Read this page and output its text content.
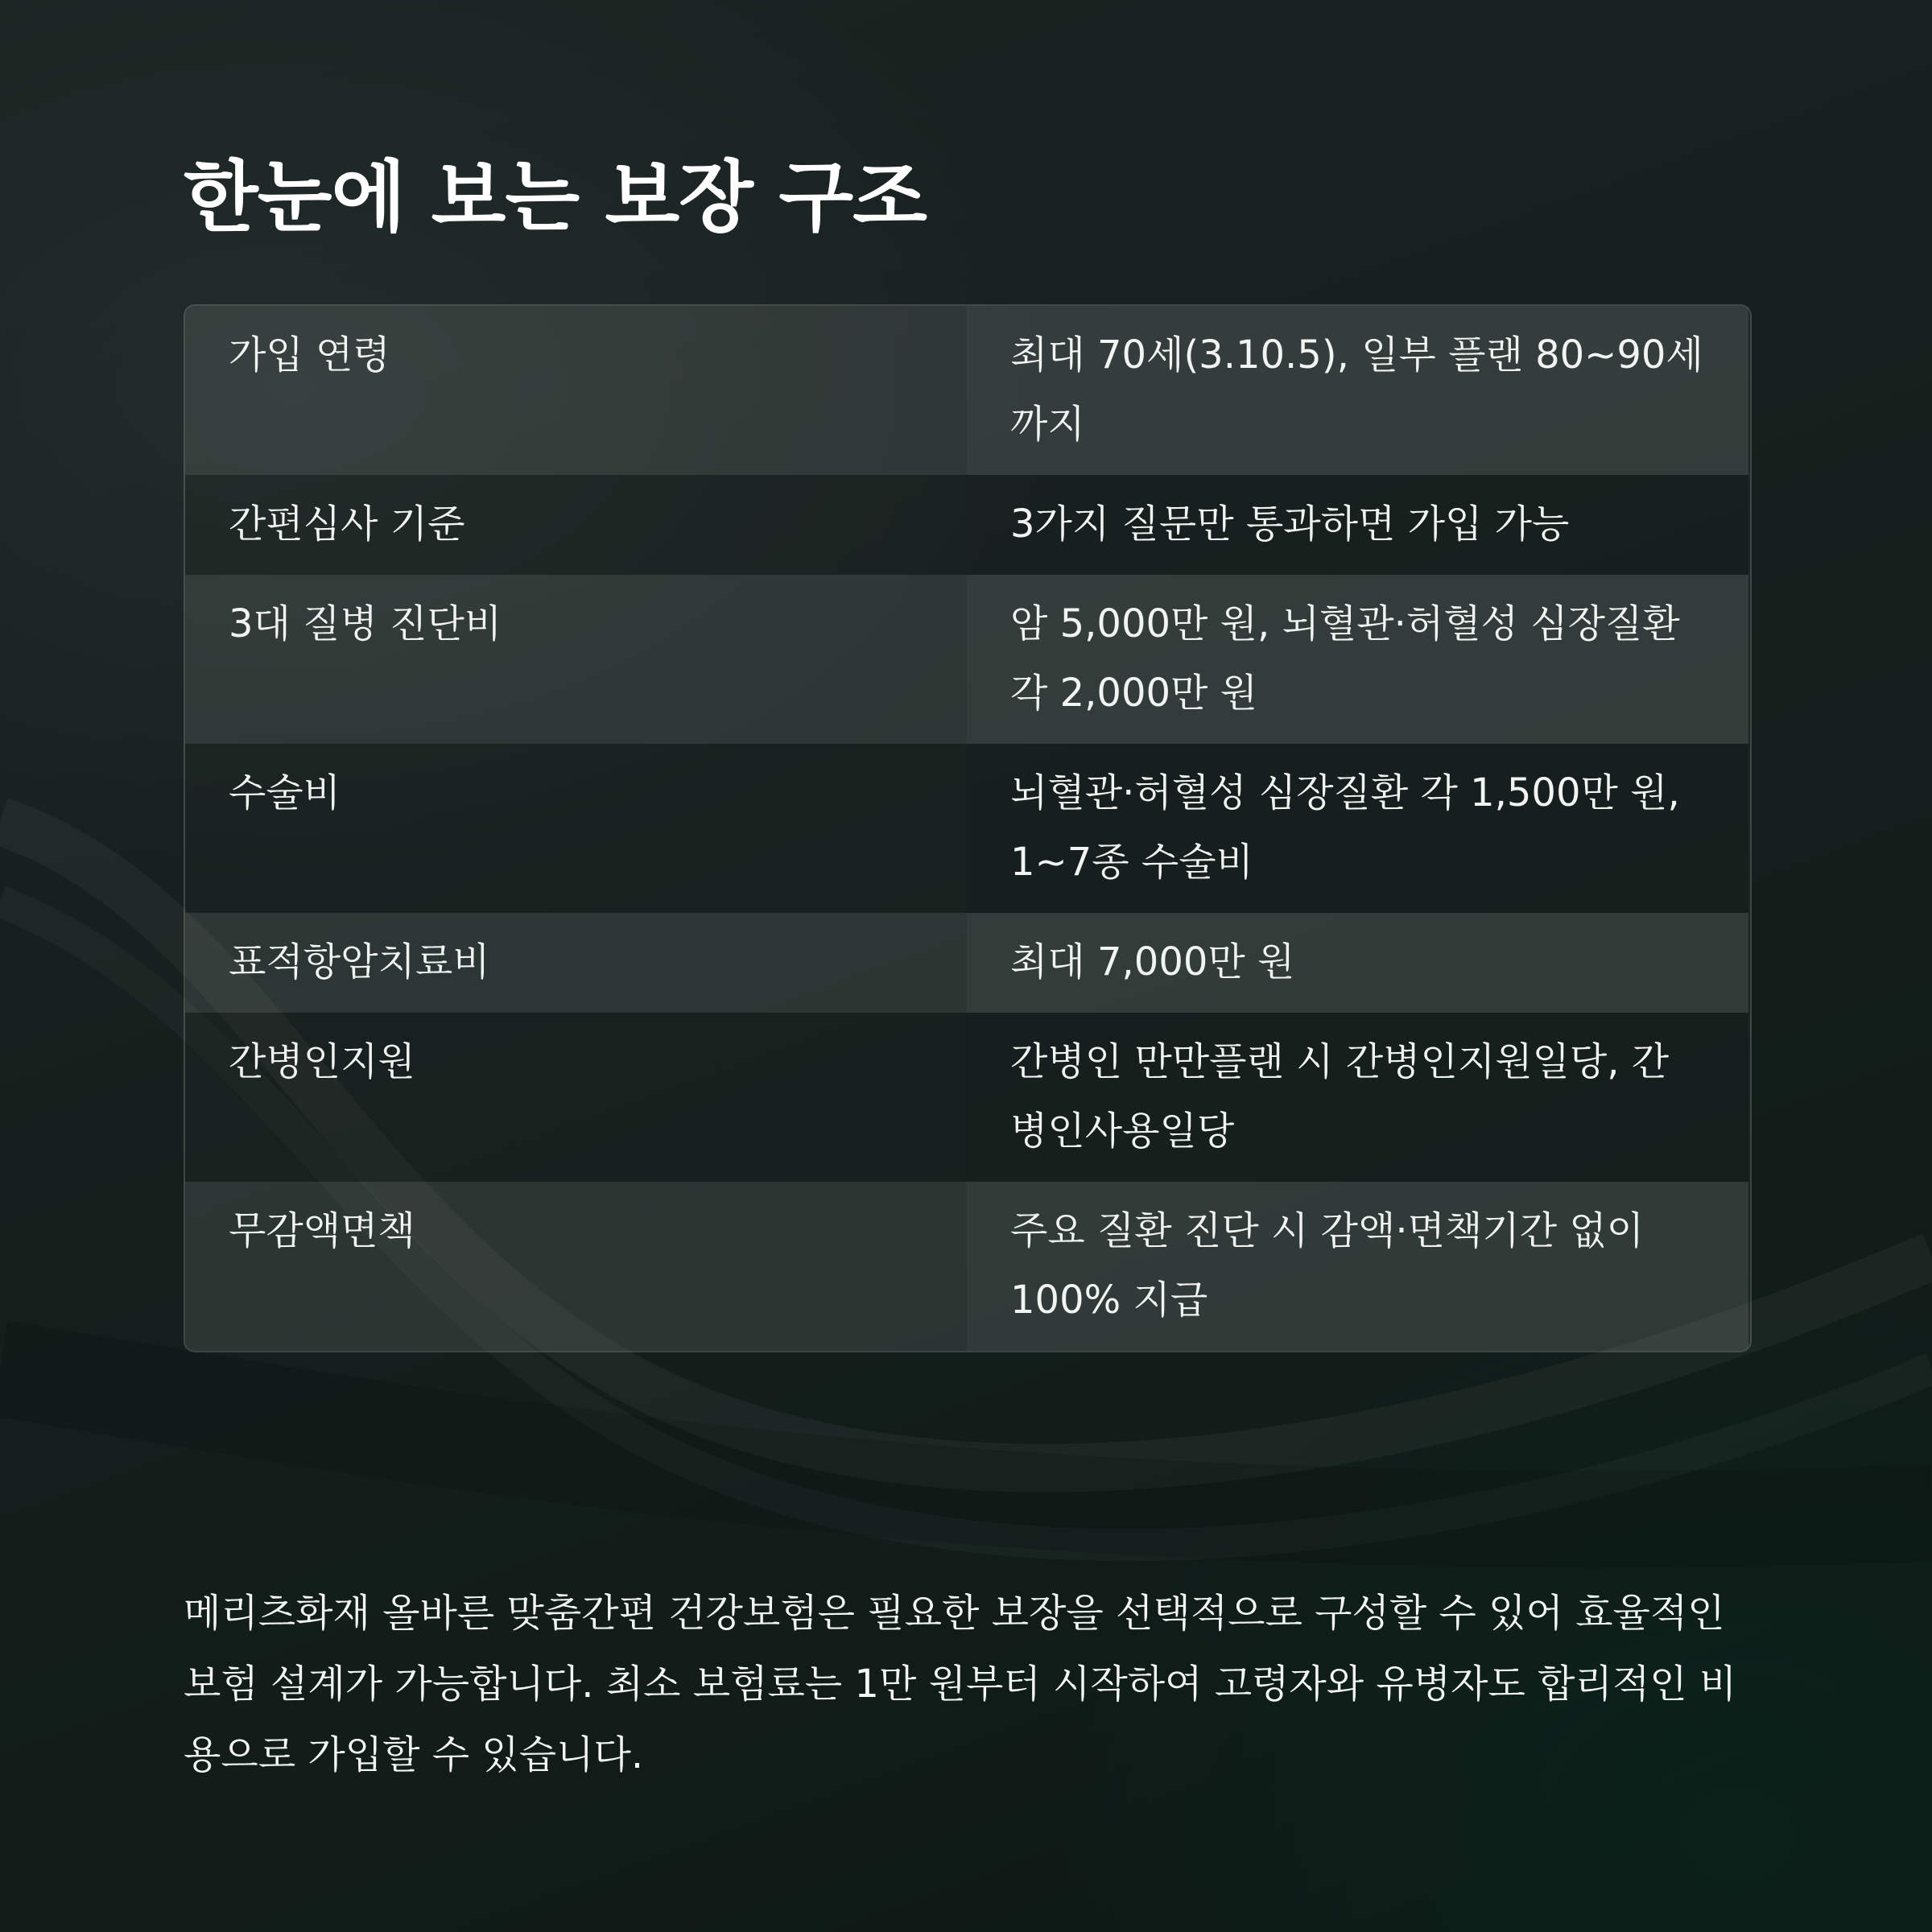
한눈에 보는 보장 구조
가입 연령	최대 70세(3.10.5), 일부 플랜 80~90세까지
간편심사 기준	3가지 질문만 통과하면 가입 가능
3대 질병 진단비	암 5,000만 원, 뇌혈관·허혈성 심장질환 각 2,000만 원
수술비	뇌혈관·허혈성 심장질환 각 1,500만 원, 1~7종 수술비
표적항암치료비	최대 7,000만 원
간병인지원	간병인 만만플랜 시 간병인지원일당, 간병인사용일당
무감액면책	주요 질환 진단 시 감액·면책기간 없이 100% 지급

메리츠화재 올바른 맞춤간편 건강보험은 필요한 보장을 선택적으로 구성할 수 있어 효율적인 보험 설계가 가능합니다. 최소 보험료는 1만 원부터 시작하여 고령자와 유병자도 합리적인 비용으로 가입할 수 있습니다.
